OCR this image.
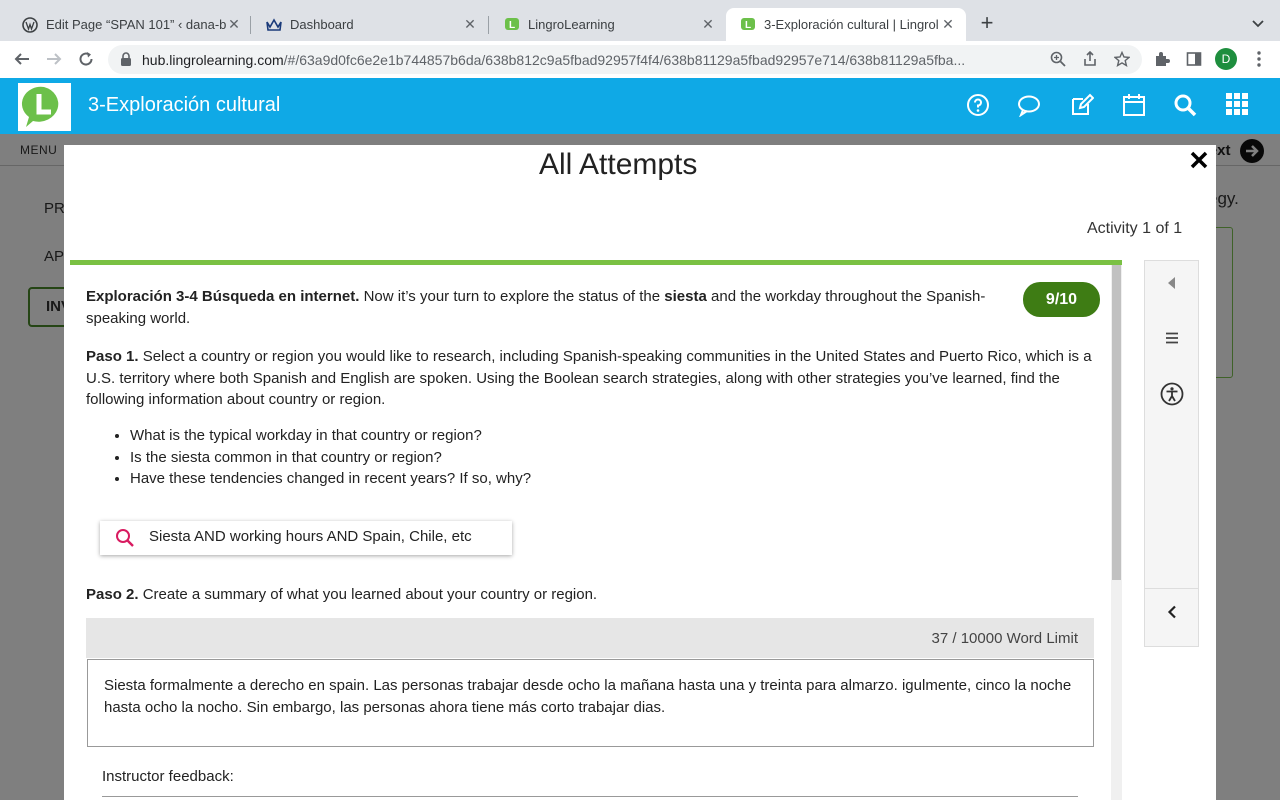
Edit Page “SPAN 101” ‹ dana-b ✕	Dashboard	✕	L LingroLearning	✕	L 3-Exploración cultural | Lingrol ✕ +
hub.lingrolearning.com/#/63a9d0fc6e2e1b744857b6da/638b812c9a5fbad92957f4f4/638b81129a5fbad92957e714/638b81129a5fba...	D
3-Exploración cultural
All Attempts
Activity 1 of 1
Exploración 3-4 Búsqueda en internet. Now it’s your turn to explore the status of the siesta and the workday throughout the Spanish-speaking world.
9/10
Paso 1. Select a country or region you would like to research, including Spanish-speaking communities in the United States and Puerto Rico, which is a U.S. territory where both Spanish and English are spoken. Using the Boolean search strategies, along with other strategies you’ve learned, find the following information about country or region.
• What is the typical workday in that country or region?
• Is the siesta common in that country or region?
• Have these tendencies changed in recent years? If so, why?
Siesta AND working hours AND Spain, Chile, etc
Paso 2. Create a summary of what you learned about your country or region.
37 / 10000 Word Limit
Siesta formalmente a derecho en spain. Las personas trabajar desde ocho la mañana hasta una y treinta para almarzo. igulmente, cinco la noche hasta ocho la nocho. Sin embargo, las personas ahora tiene más corto trabajar dias.
Instructor feedback:
